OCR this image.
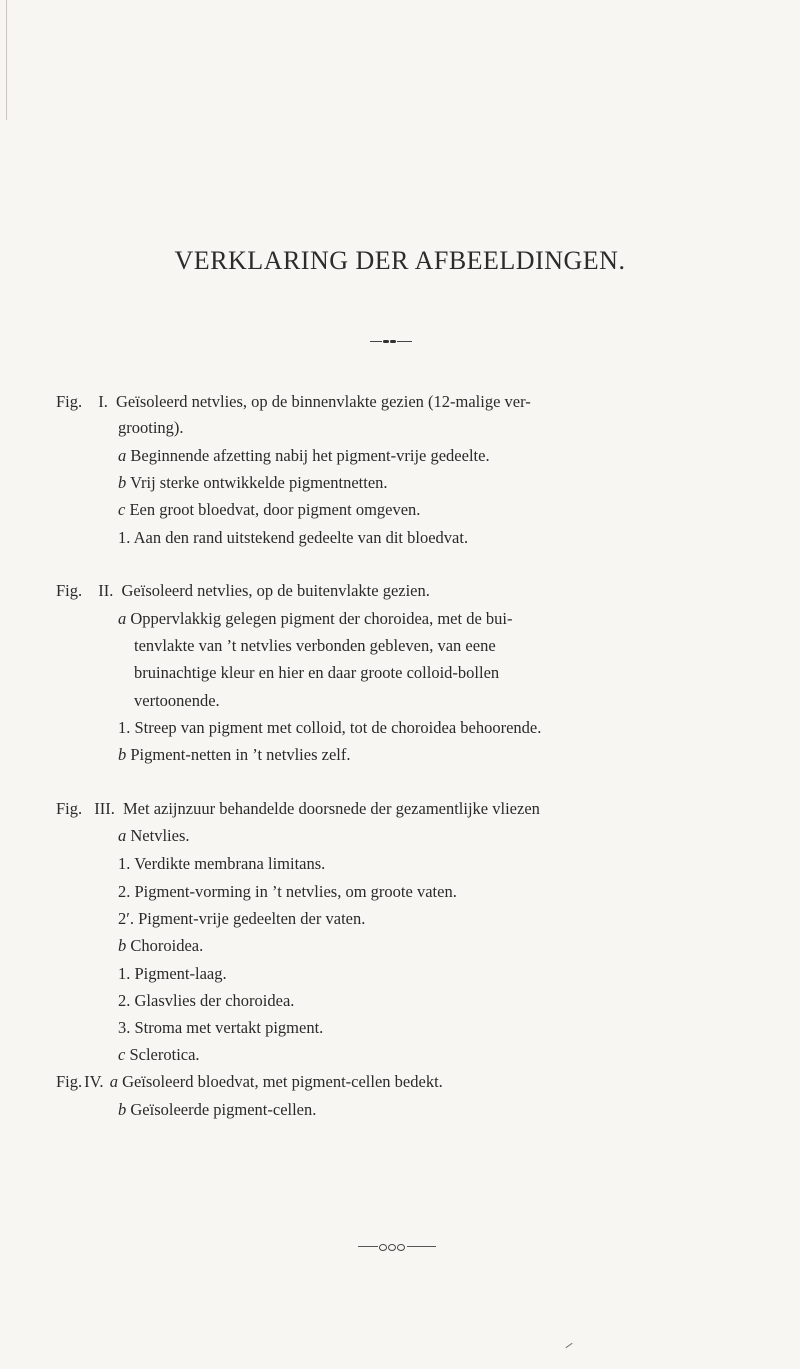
VERKLARING DER AFBEELDINGEN.
Fig. I. Geïsoleerd netvlies, op de binnenvlakte gezien (12-malige ver-
grooting).
a Beginnende afzetting nabij het pigment-vrije gedeelte.
b Vrij sterke ontwikkelde pigmentnetten.
c Een groot bloedvat, door pigment omgeven.
1. Aan den rand uitstekend gedeelte van dit bloedvat.
Fig. II. Geïsoleerd netvlies, op de buitenvlakte gezien.
a Oppervlakkig gelegen pigment der choroidea, met de bui-
tenvlakte van ’t netvlies verbonden gebleven, van eene
bruinachtige kleur en hier en daar groote colloid-bollen
vertoonende.
1. Streep van pigment met colloid, tot de choroidea behoorende.
b Pigment-netten in ’t netvlies zelf.
Fig. III. Met azijnzuur behandelde doorsnede der gezamentlijke vliezen
a Netvlies.
1. Verdikte membrana limitans.
2. Pigment-vorming in ’t netvlies, om groote vaten.
2′. Pigment-vrije gedeelten der vaten.
b Choroidea.
1. Pigment-laag.
2. Glasvlies der choroidea.
3. Stroma met vertakt pigment.
c Sclerotica.
Fig. IV. a Geïsoleerd bloedvat, met pigment-cellen bedekt.
b Geïsoleerde pigment-cellen.
